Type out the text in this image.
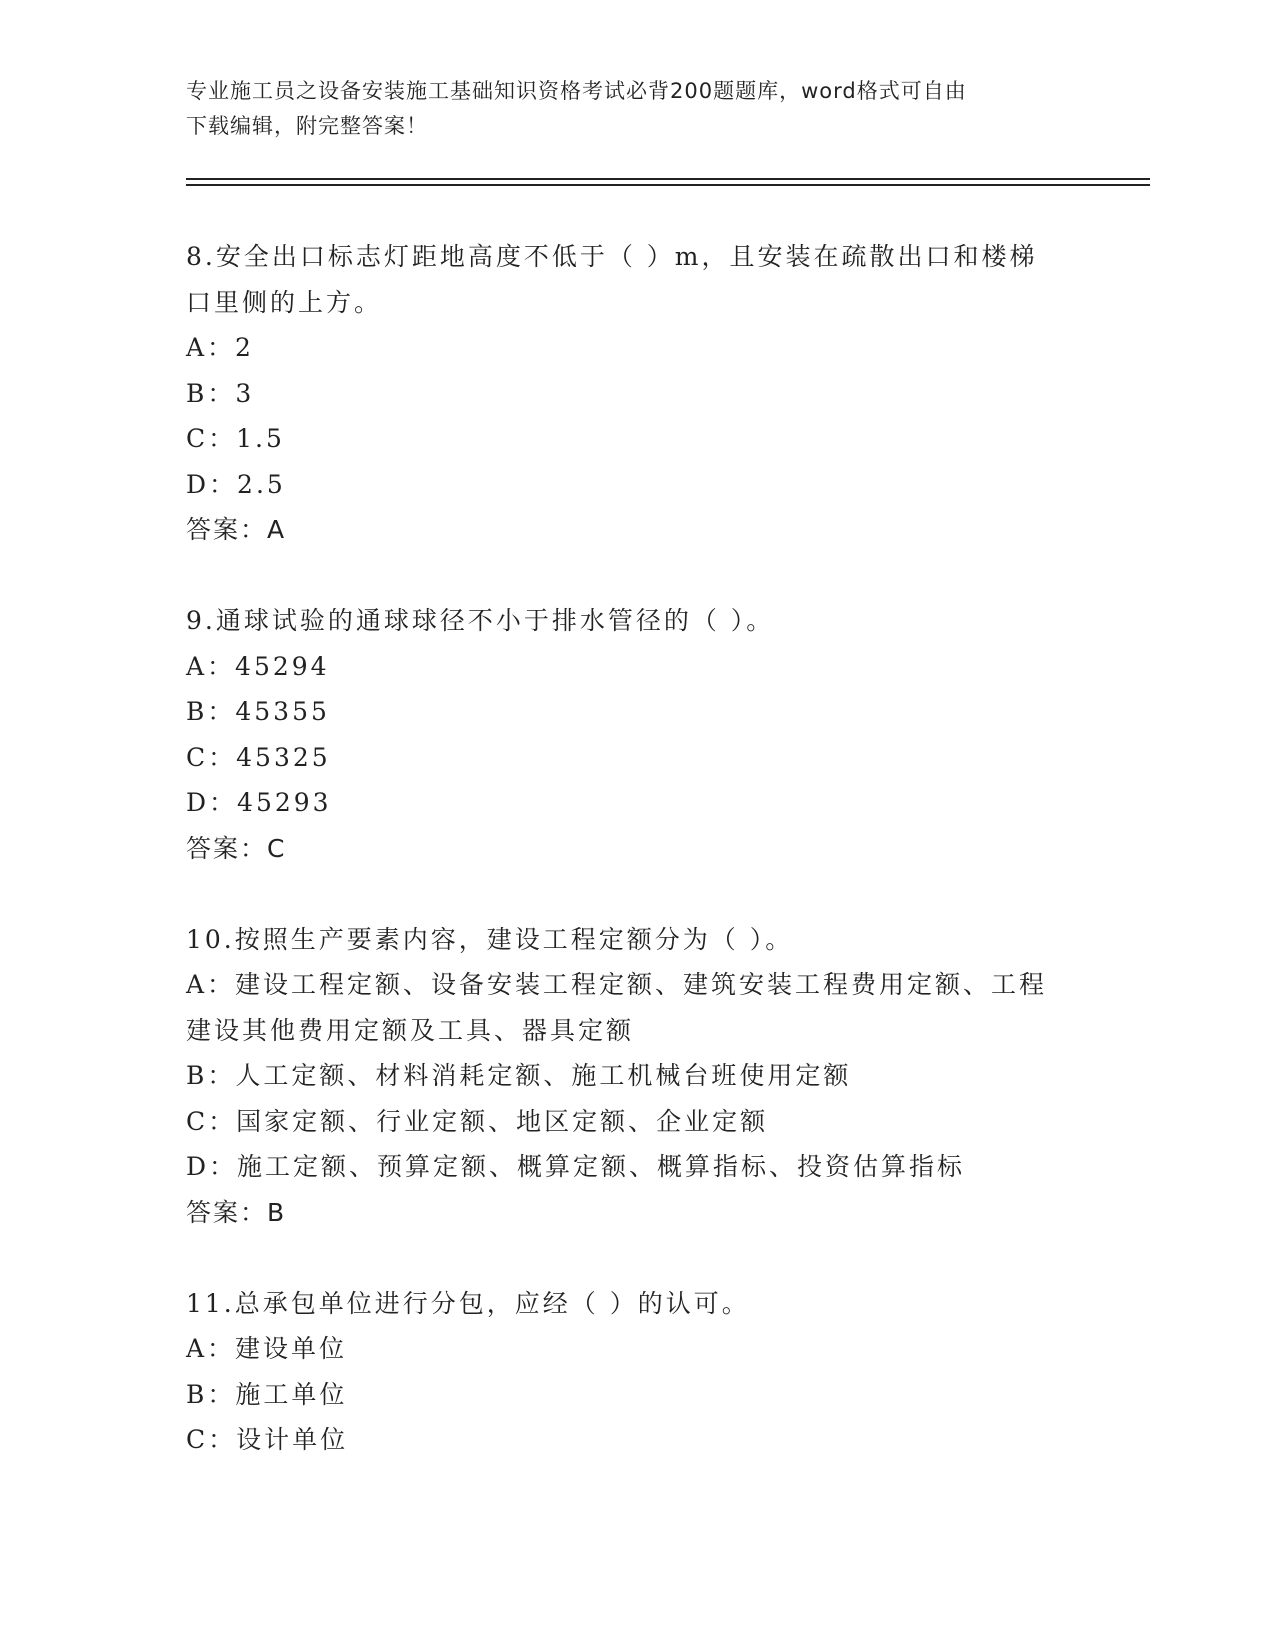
专业施工员之设备安装施工基础知识资格考试必背200题题库，word格式可自由
下载编辑，附完整答案！
8.安全出口标志灯距地高度不低于（ ）m，且安装在疏散出口和楼梯
口里侧的上方。
A：2
B：3
C：1.5
D：2.5
答案：A
9.通球试验的通球球径不小于排水管径的（ ）。
A：45294
B：45355
C：45325
D：45293
答案：C
10.按照生产要素内容，建设工程定额分为（ ）。
A：建设工程定额、设备安装工程定额、建筑安装工程费用定额、工程
建设其他费用定额及工具、器具定额
B：人工定额、材料消耗定额、施工机械台班使用定额
C：国家定额、行业定额、地区定额、企业定额
D：施工定额、预算定额、概算定额、概算指标、投资估算指标
答案：B
11.总承包单位进行分包，应经（ ）的认可。
A：建设单位
B：施工单位
C：设计单位
